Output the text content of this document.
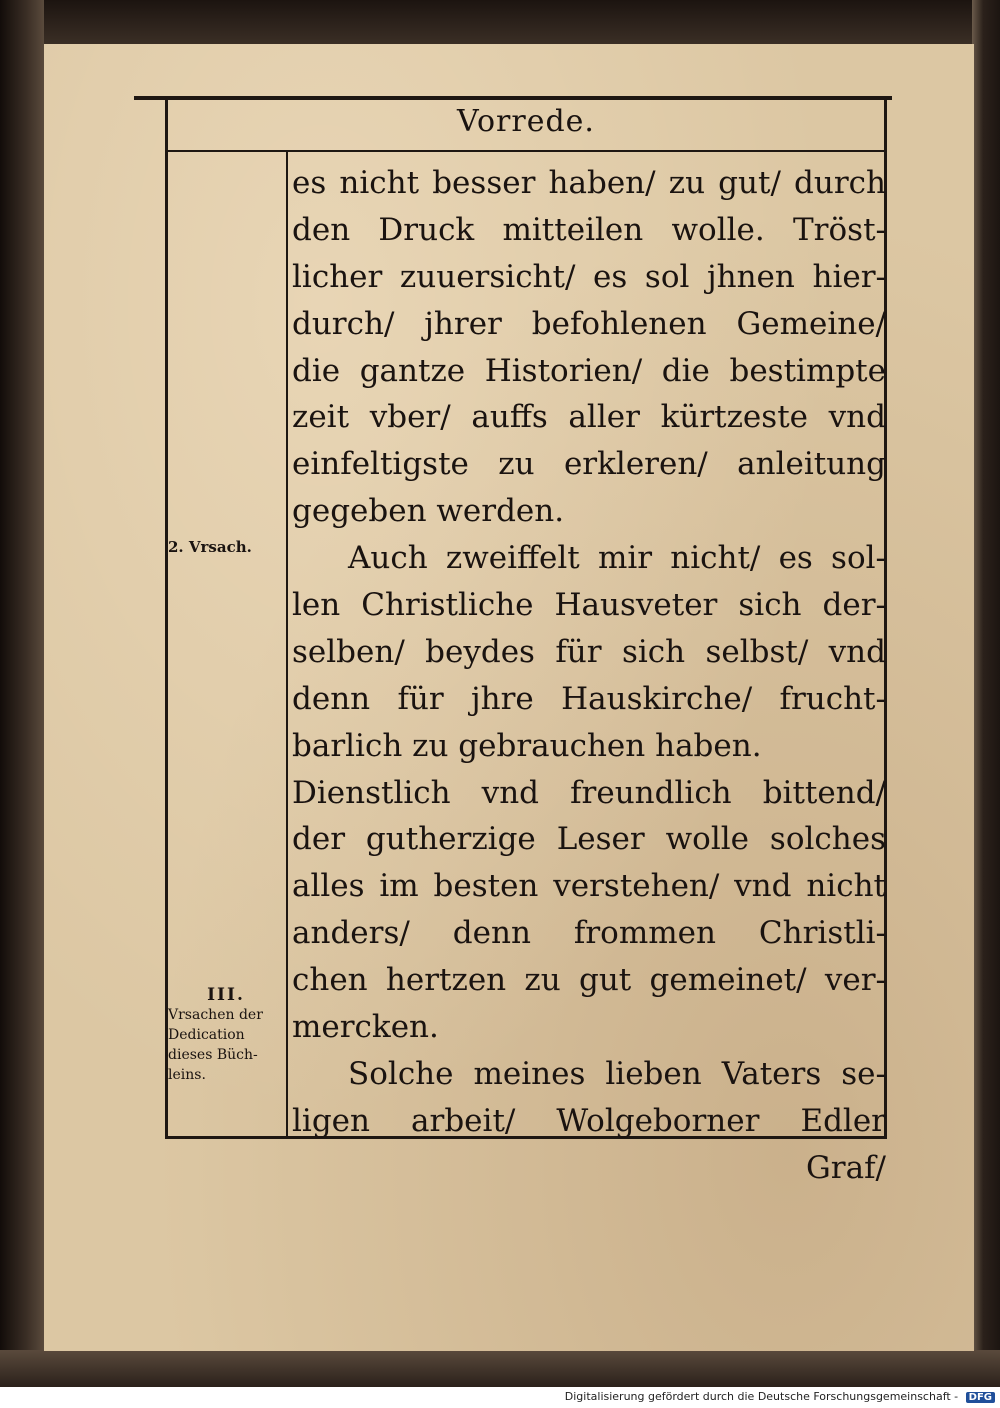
Vorrede.
es nicht besser haben/ zu gut/ durch
den Druck mitteilen wolle. Tröst-
licher zuuersicht/ es sol jhnen hier-
durch/ jhrer befohlenen Gemeine/
die gantze Historien/ die bestimpte
zeit vber/ auffs aller kürtzeste vnd
einfeltigste zu erkleren/ anleitung
gegeben werden.
Auch zweiffelt mir nicht/ es sol-
len Christliche Hausveter sich der-
selben/ beydes für sich selbst/ vnd
denn für jhre Hauskirche/ frucht-
barlich zu gebrauchen haben.
Dienstlich vnd freundlich bittend/
der gutherzige Leser wolle solches
alles im besten verstehen/ vnd nicht
anders/ denn frommen Christli-
chen hertzen zu gut gemeinet/ ver-
mercken.
Solche meines lieben Vaters se-
ligen arbeit/ Wolgeborner Edler
Graf/
2. Vrsach.
III.
Vrsachen der
Dedication
dieses Büch-
leins.
Digitalisierung gefördert durch die Deutsche Forschungsgemeinschaft - DFG
